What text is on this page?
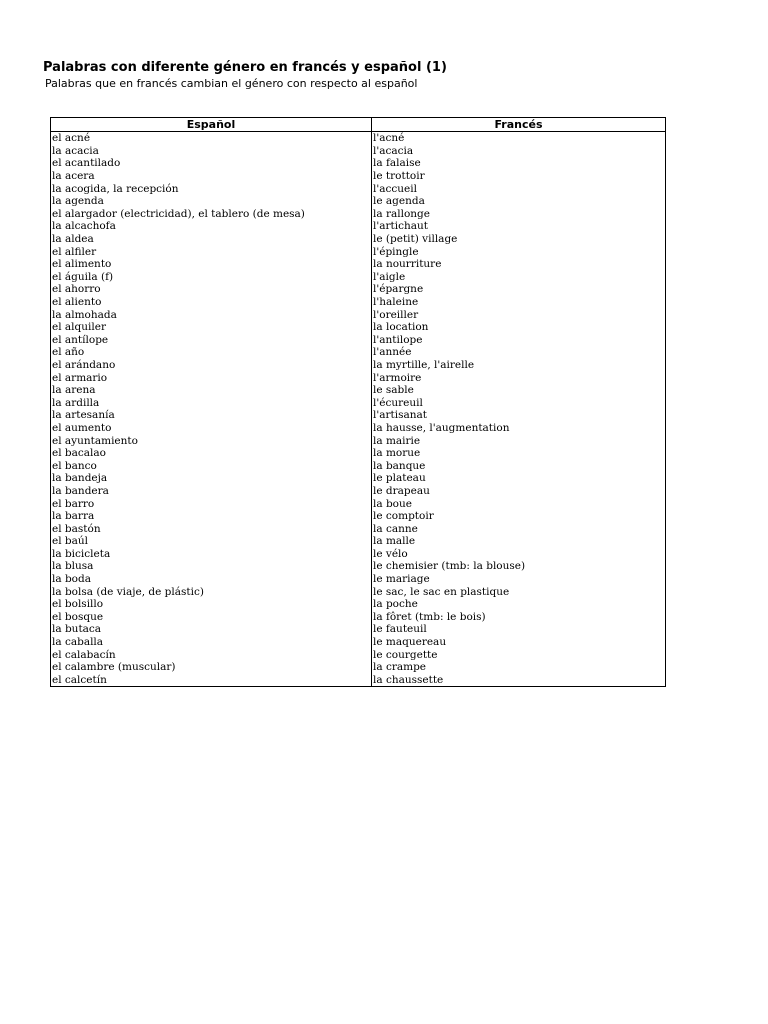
Palabras con diferente género en francés y español (1)
Palabras que en francés cambian el género con respecto al español
Español	Francés
el acné	l'acné
la acacia	l'acacia
el acantilado	la falaise
la acera	le trottoir
la acogida, la recepción	l'accueil
la agenda	le agenda
el alargador (electricidad), el tablero (de mesa)	la rallonge
la alcachofa	l'artichaut
la aldea	le (petit) village
el alfiler	l'épingle
el alimento	la nourriture
el águila (f)	l'aigle
el ahorro	l'épargne
el aliento	l'haleine
la almohada	l'oreiller
el alquiler	la location
el antílope	l'antilope
el año	l'année
el arándano	la myrtille, l'airelle
el armario	l'armoire
la arena	le sable
la ardilla	l'écureuil
la artesanía	l'artisanat
el aumento	la hausse, l'augmentation
el ayuntamiento	la mairie
el bacalao	la morue
el banco	la banque
la bandeja	le plateau
la bandera	le drapeau
el barro	la boue
la barra	le comptoir
el bastón	la canne
el baúl	la malle
la bicicleta	le vélo
la blusa	le chemisier (tmb: la blouse)
la boda	le mariage
la bolsa (de viaje, de plástic)	le sac, le sac en plastique
el bolsillo	la poche
el bosque	la fôret (tmb: le bois)
la butaca	le fauteuil
la caballa	le maquereau
el calabacín	le courgette
el calambre (muscular)	la crampe
el calcetín	la chaussette
